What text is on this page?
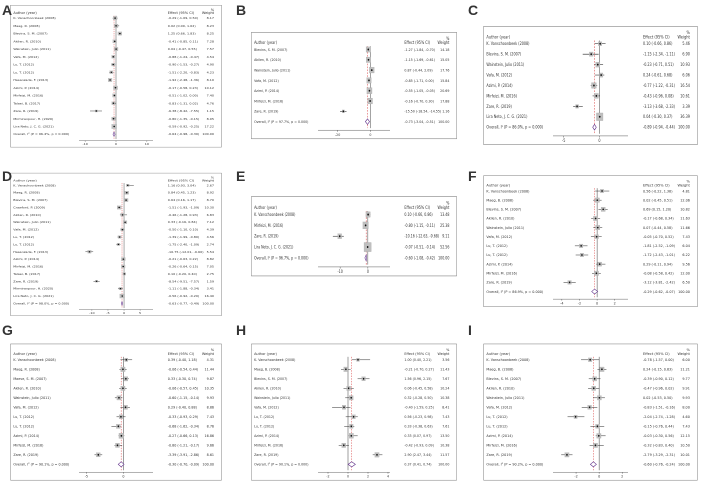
%
Author (year)	Effect (95% CI) Weight
K. Vanschoonbeek (2008)	-0.29 (-1.09, 0.50) 8.17
Maeg, R. (2008)	0.02 (0.00, 1.02)	8.23
Blevins, S. M. (2007)	1.25 (0.66, 1.83)	8.25
Akilen, R. (2010)	-0.41 (-0.85, 0.11) 7.28
Wainstein, Julio (2011)	0.04 (-0.47, 0.55)	7.57
Vafa, M. (2012)	-0.88 (-1.24, -0.47) 4.54
Lu, T. (2012)	-0.90 (-1.53, -0.27) 4.90
Lu, T. (2012)	-1.51 (-2.20, -0.83) 4.23
Hasanzade, F. (2013)	-1.92 (-2.48, -1.36) 8.10
Azimi, P. (2014)	-0.17 (-0.58, 0.23) 10.12
Mirfeizi, M. (2016)	-0.51 (-1.02, 0.00) 7.40
Talaei, B. (2017)	-0.83 (-1.31, 0.02) 4.76
Zare, R. (2019)	-6.38 (-8.42, -7.55) 1.15
Mirmiranpour, H. (2020)	-0.80 (-1.35, -0.15) 8.05
Lira Neto, J. C. G. (2021)	-0.59 (-0.92, -0.25) 17.22
Overall, I² (P = 96.4%, p = 0.000)	-0.64 (-0.98, -0.30) 100.00
-10	0	10
%
Author (year)	Effect (95% CI) Weight
Blevins, S. M. (2007)	-1.27 (-1.84, -0.70) 14.18
Akilen, R. (2010)	-1.15 (-1.69, -0.61) 15.05
Wainstein, Julio (2011)	0.87 (-0.44, 2.09) 17.76
Vafa, M. (2012)	-0.85 (-1.71, 0.00) 15.84
Azimi, P. (2014)	-0.55 (-1.05, -0.05) 20.69
Mirfeizi, M. (2016)	-0.16 (-0.70, 0.30) 17.88
Zare, R. (2019)	-15.50 (-18.54, -14.55) 1.16
Overall, I² (P = 97.7%, p = 0.000)	-0.73 (-3.04, -0.51) 100.00
-20	0
%
Author (year)	Effect (95% CI) Weight
K. Vanschoonbeek (2008)	0.10 (-0.66, 0.86)	5.46
Blevins, S. M. (2007)	-1.15 (-2.34, -1.11) 6.90
Wainstein, Julio (2011)	-0.23 (-0.71, 0.51) 10.93
Vafa, M. (2012)	0.24 (-0.61, 0.68)	6.06
Azimi, P. (2014)	-0.77 (-1.22, -0.31) 16.54
Mirfeizi, M. (2016)	-0.43 (-0.96, 0.08) 10.61
Zare, R. (2019)	-3.13 (-3.68, -2.33) 3.39
Lira Neto, J. C. G. (2021)	0.04 (-0.30, 0.37) 36.39
Overall, I² (P = 86.0%, p = 0.000)	-0.89 (-0.94, -0.44) 100.00
-5	0
%
Author (year)	Effect (95% CI) Weight
K. Vanschoonbeek (2008)	1.16 (0.93, 3.04)	2.67
Maeg, R. (2008)	0.84 (0.45, 1.23)	8.92
Blevins, S. M. (2007)	0.64 (0.16, 1.17)	8.70
Crawford, P. (2009)	-1.51 (-1.93, -1.09) 10.30
Akilen, R. (2010)	-0.46 (-1.28, 0.93) 6.83
Wainstein, Julio (2011)	0.33 (-0.16, 0.84)	7.12
Vafa, M. (2012)	-0.50 (-1.10, 0.10) 4.39
Lu, T. (2012)	-1.39 (-1.99, -0.80) 4.56
Lu, T. (2012)	-1.75 (-2.40, -1.09) 2.74
Hasanzade, F. (2013)	-10.75 (-12.01, -9.60) 5.54
Azimi, P. (2014)	-0.21 (-0.63, 0.22) 8.82
Mirfeizi, M. (2016)	-0.26 (-0.64, 0.15) 7.05
Talaei, B. (2017)	0.10 (-0.20, 0.40)	2.75
Zare, R. (2019)	-8.54 (-9.51, -7.57) 1.59
Mirmiranpour, H. (2020)	-1.11 (-1.88, -0.34) 3.41
Lira Neto, J. C. G. (2021)	-0.56 (-0.92, -0.20) 16.40
Overall, I² (P = 98.0%, p = 0.000)	-0.63 (-0.77, -0.49) 100.00
-10	-5	0	5
%
Author (year)	Effect (95% CI) Weight
K. Vanschoonbeek (2008)	0.10 (-0.66, 0.86) 13.48
Mirfeizi, M. (2016)	-0.80 (-1.15, -0.11) 25.38
Zare, R. (2019)	-10.16 (-12.63, -9.68) 9.11
Lira Neto, J. C. G. (2021)	-0.07 (-0.51, -0.14) 52.56
Overall, I² (P = 96.7%, p = 0.000)	-0.60 (-1.08, -0.42) 100.00
-10	0
%
Author (year)	Effect (95% CI) Weight
K. Vanschoonbeek (2008)	0.56 (-0.22, 1.38)	4.81
Maeg, B. (2008)	0.02 (-0.45, 0.51) 12.06
Blevins, S. M. (2007)	0.69 (0.15, 1.20) 10.82
Akilen, R. (2010)	-0.17 (-0.68, 0.34) 11.63
Wainstein, Julio (2011)	0.07 (-0.44, 0.58) 11.66
Vafa, M. (2012)	-0.05 (-0.70, 0.52) 7.43
Lu, T. (2012)	-1.81 (-2.52, -1.09) 6.04
Lu, T. (2012)	-1.72 (-2.43, -1.01) 6.22
Azimi, P. (2014)	0.29 (-0.11, 0.94)	9.56
Mirfeizi, M. (2016)	-0.08 (-0.58, 0.42) 12.00
Zare, R. (2019)	-3.12 (-3.81, -2.42) 6.50
Overall, I² (P = 86.9%, p = 0.000)	-0.29 (-0.62, -0.07) 100.00
-4	-2	0	2
%
Author (year)	Effect (95% CI) Weight
K. Vanschoonbeek (2008)	0.39 (-0.40, 1.18)	4.31
Maeg, R. (2008)	-0.06 (-0.54, 0.44) 11.44
Maeve, S. M. (2007)	0.33 (-0.30, 0.74)	9.87
Akilen, R. (2010)	-0.06 (-0.57, 0.45) 10.35
Wainstein, Julio (2011)	-0.60 (-1.15, -0.14) 9.93
Vafa, M. (2012)	0.29 (-0.40, 0.88)	8.86
Lu, T. (2012)	-0.33 (-0.93, 0.29) 7.43
Lu, T. (2012)	-0.68 (-1.62, -0.34) 8.76
Azimi, P. (2014)	-0.27 (-0.66, 0.13) 16.86
Mirfeizi, M. (2016)	-0.80 (-1.21, -0.17) 9.66
Zare, R. (2019)	-3.39 (-3.91, -2.86) 8.61
Overall, I² (P = 90.1%, p = 0.000)	-0.30 (-0.70, -0.09) 100.00
-5	0
%
Author (year)	Effect (95% CI) Weight
K. Vanschoonbeek (2008)	1.00 (0.40, 2.21)	3.56
Maeg, B. (2008)	-0.21 (-0.70, 0.27) 11.43
Blevins, S. M. (2007)	1.56 (0.96, 2.15)	7.67
Akilen, R. (2010)	0.06 (-0.45, 0.58) 10.24
Wainstein, Julio (2011)	0.32 (-0.28, 0.50) 10.38
Vafa, M. (2012)	-0.40 (-1.59, 0.25) 8.41
Lu, T. (2012)	0.56 (-0.23, 0.98)	7.43
Lu, T. (2012)	0.33 (-0.38, 0.63)	7.61
Azimi, P. (2014)	0.33 (0.07, 0.97) 13.50
Mirfeizi, M. (2016)	-0.42 (-0.93, 0.09) 10.38
Zare, R. (2019)	2.90 (2.47, 3.44) 11.57
Overall, I² (P = 90.1%, p = 0.000)	0.37 (0.41, 0.74) 100.00
-2	0	2	4
%
Author (year)	Effect (95% CI) Weight
K. Vanschoonbeek (2008)	-0.78 (-1.57, 0.00) 6.00
Maeg, B. (2008)	0.24 (-0.15, 0.63) 11.21
Blevins, S. M. (2007)	-0.39 (-0.90, 0.12) 9.77
Akilen, R. (2010)	-0.47 (-0.96, 0.02) 9.91
Wainstein, Julio (2011)	0.02 (-0.53, 0.50)	9.93
Vafa, M. (2012)	-0.83 (-1.51, -0.16) 8.00
Lu, T. (2012)	-2.04 (-2.74, -1.28) 4.60
Lu, T. (2012)	-0.15 (-0.76, 0.44) 7.43
Azimi, P. (2014)	-0.03 (-0.30, 0.56) 12.15
Mirfeizi, M. (2016)	-0.32 (-0.83, 0.40) 10.50
Zare, R. (2019)	-2.79 (-3.29, -2.31) 10.01
Overall, I² (P = 90.2%, p = 0.000)	-0.60 (-0.76, -0.24) 100.00
-2	0	2
A	B	C
D	E	F
G	H	I
